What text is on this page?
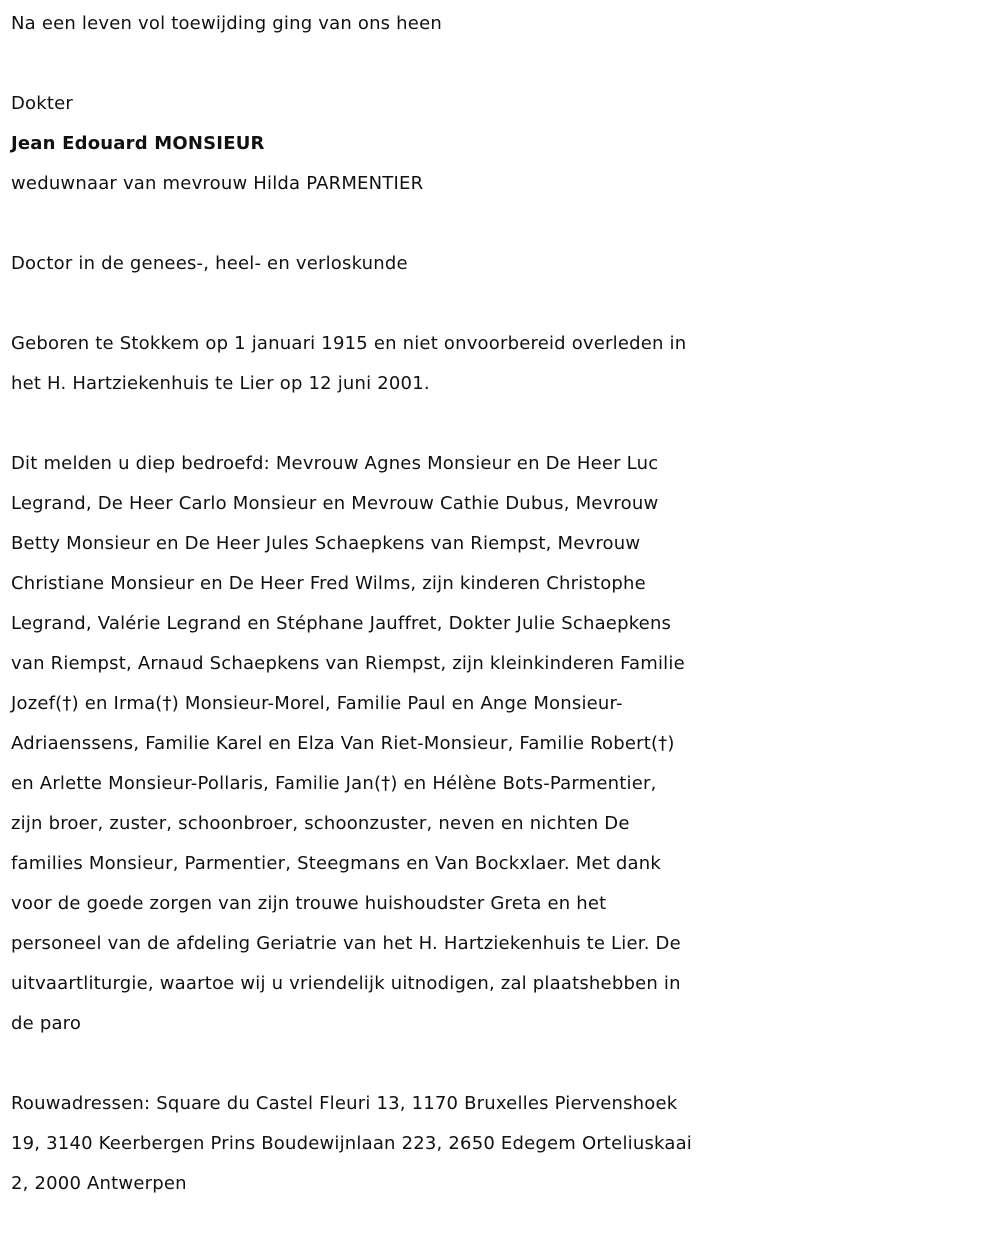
Na een leven vol toewijding ging van ons heen

Dokter

Jean Edouard MONSIEUR

weduwnaar van mevrouw Hilda PARMENTIER

Doctor in de genees-, heel- en verloskunde

Geboren te Stokkem op 1 januari 1915 en niet onvoorbereid overleden in

het H. Hartziekenhuis te Lier op 12 juni 2001.

Dit melden u diep bedroefd: Mevrouw Agnes Monsieur en De Heer Luc

Legrand, De Heer Carlo Monsieur en Mevrouw Cathie Dubus, Mevrouw

Betty Monsieur en De Heer Jules Schaepkens van Riempst, Mevrouw

Christiane Monsieur en De Heer Fred Wilms, zijn kinderen Christophe

Legrand, Valérie Legrand en Stéphane Jauffret, Dokter Julie Schaepkens

van Riempst, Arnaud Schaepkens van Riempst, zijn kleinkinderen Familie

Jozef(†) en Irma(†) Monsieur-Morel, Familie Paul en Ange Monsieur-

Adriaenssens, Familie Karel en Elza Van Riet-Monsieur, Familie Robert(†)

en Arlette Monsieur-Pollaris, Familie Jan(†) en Hélène Bots-Parmentier,

zijn broer, zuster, schoonbroer, schoonzuster, neven en nichten De

families Monsieur, Parmentier, Steegmans en Van Bockxlaer. Met dank

voor de goede zorgen van zijn trouwe huishoudster Greta en het

personeel van de afdeling Geriatrie van het H. Hartziekenhuis te Lier. De

uitvaartliturgie, waartoe wij u vriendelijk uitnodigen, zal plaatshebben in

de paro

Rouwadressen: Square du Castel Fleuri 13, 1170 Bruxelles Piervenshoek

19, 3140 Keerbergen Prins Boudewijnlaan 223, 2650 Edegem Orteliuskaai

2, 2000 Antwerpen
